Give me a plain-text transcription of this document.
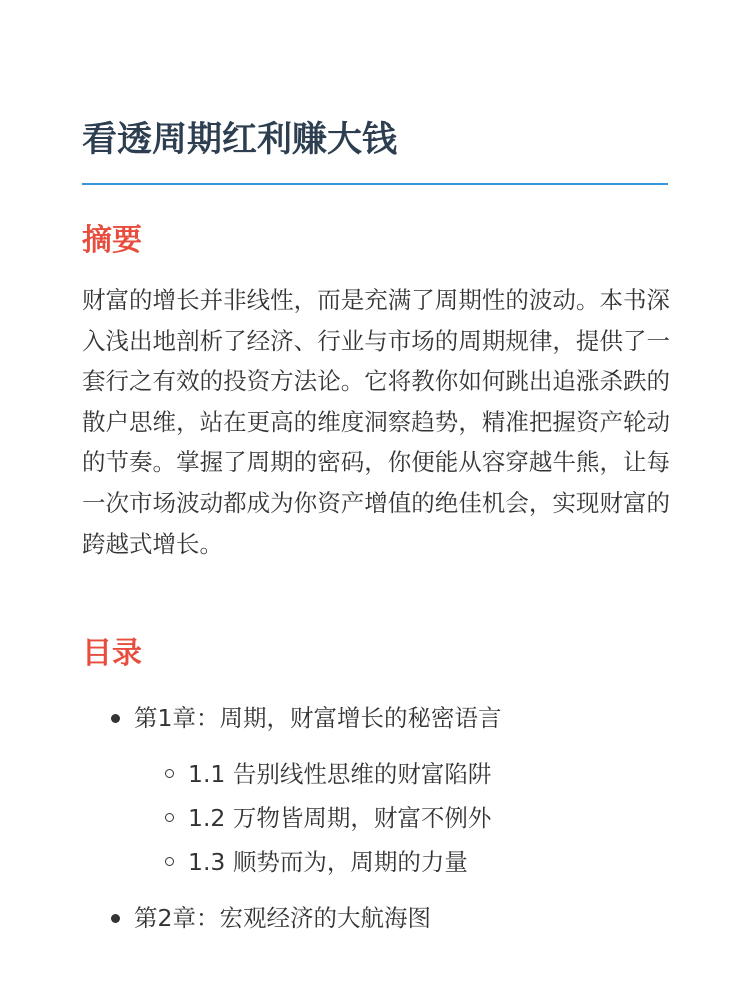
看透周期红利赚大钱
摘要

财富的增长并非线性，而是充满了周期性的波动。本书深入浅出地剖析了经济、行业与市场的周期规律，提供了一套行之有效的投资方法论。它将教你如何跳出追涨杀跌的散户思维，站在更高的维度洞察趋势，精准把握资产轮动的节奏。掌握了周期的密码，你便能从容穿越牛熊，让每一次市场波动都成为你资产增值的绝佳机会，实现财富的跨越式增长。

目录
第1章：周期，财富增长的秘密语言
1.1 告别线性思维的财富陷阱
1.2 万物皆周期，财富不例外
1.3 顺势而为，周期的力量
第2章：宏观经济的大航海图
